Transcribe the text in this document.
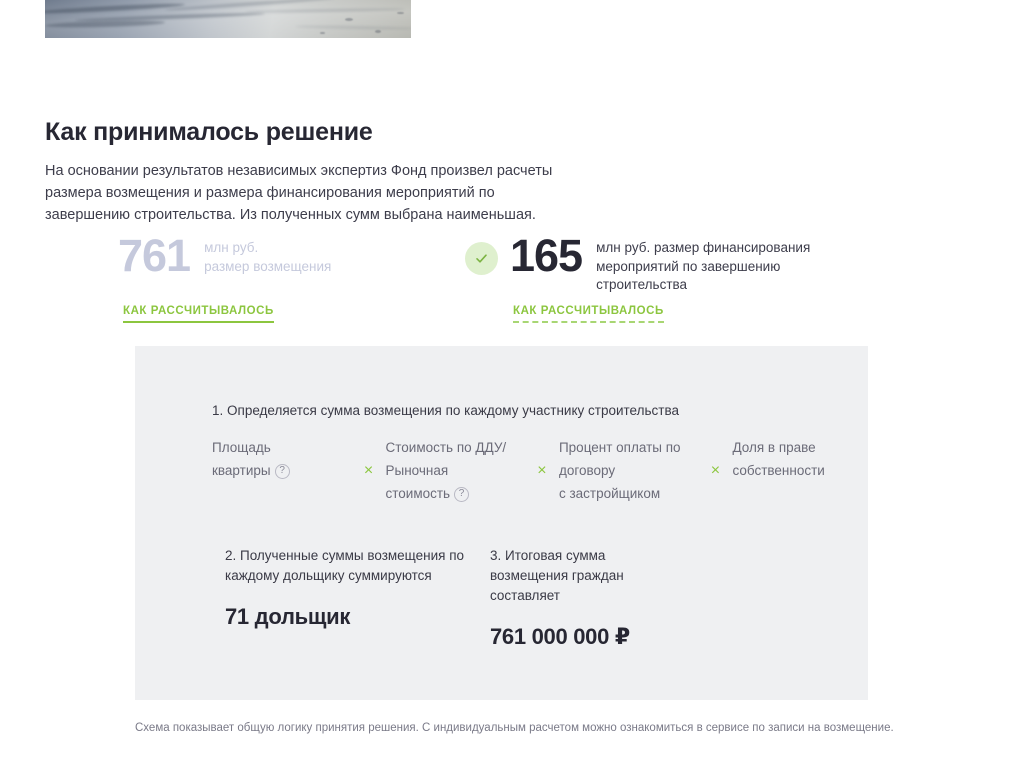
Как принималось решение

На основании результатов независимых экспертиз Фонд произвел расчеты размера возмещения и размера финансирования мероприятий по завершению строительства. Из полученных сумм выбрана наименьшая.

761 млн руб.
размер возмещения
КАК РАССЧИТЫВАЛОСЬ
165 млн руб. размер финансирования
мероприятий по завершению
строительства
КАК РАССЧИТЫВАЛОСЬ
1. Определяется сумма возмещения по каждому участнику строительства
Площадь
квартиры ?	×
Стоимость по ДДУ/
Рыночная
стоимость ?
×
Процент оплаты по
договору
с застройщиком
×
Доля в праве
собственности
2. Полученные суммы возмещения по каждому дольщику суммируются
71 дольщик
3. Итоговая сумма возмещения граждан составляет
761 000 000 ₽
Схема показывает общую логику принятия решения. С индивидуальным расчетом можно ознакомиться в сервисе по записи на возмещение.
